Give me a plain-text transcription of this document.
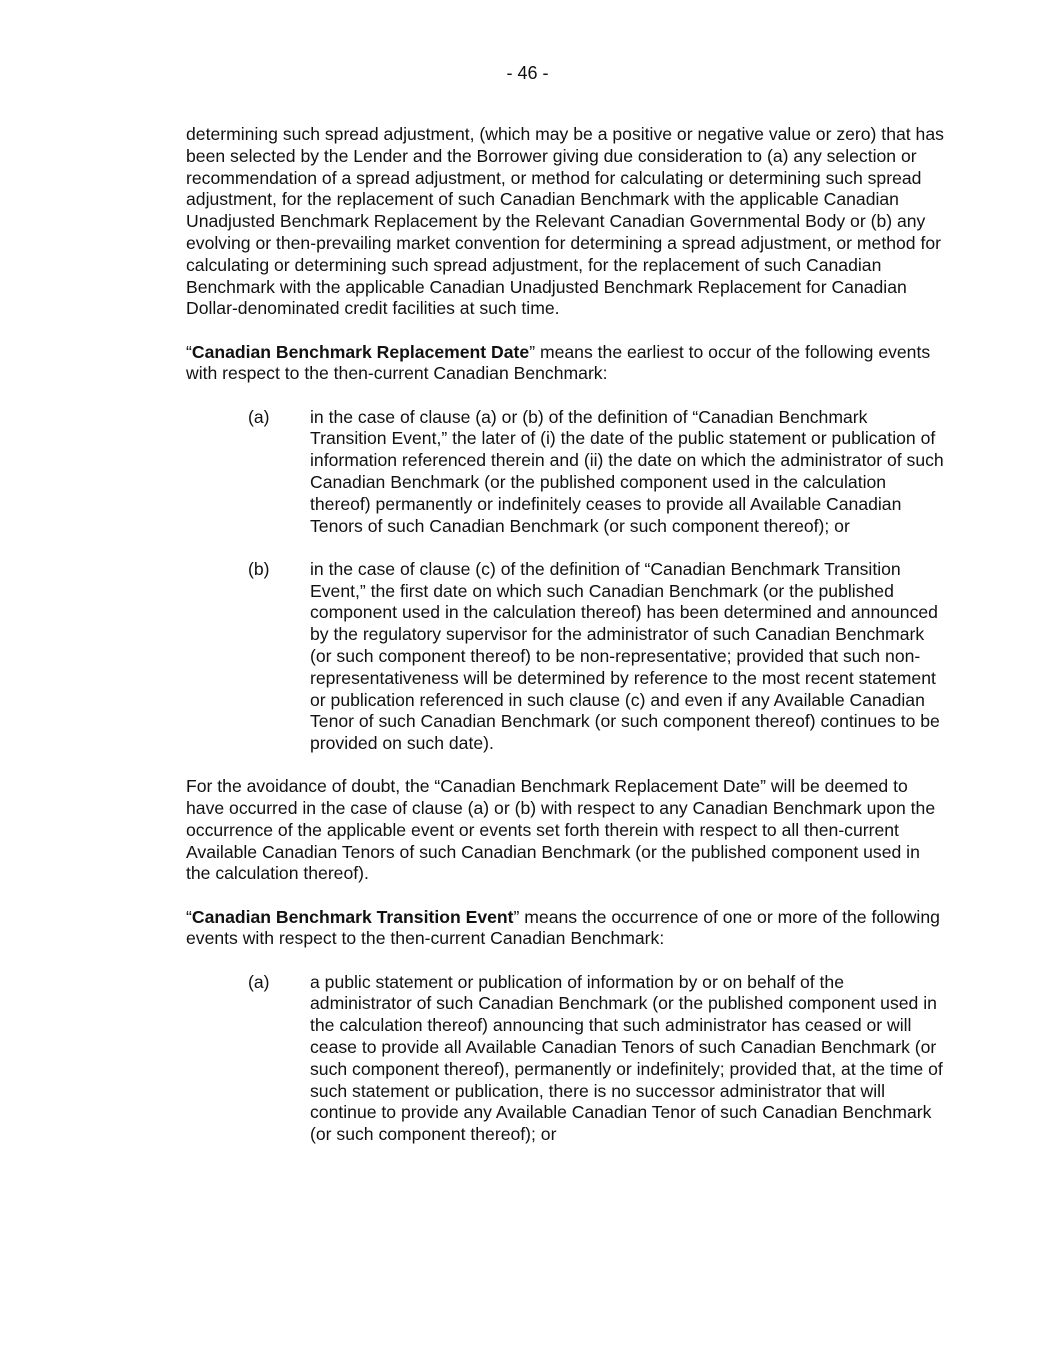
- 46 -

determining such spread adjustment, (which may be a positive or negative value or zero) that has been selected by the Lender and the Borrower giving due consideration to (a) any selection or recommendation of a spread adjustment, or method for calculating or determining such spread adjustment, for the replacement of such Canadian Benchmark with the applicable Canadian Unadjusted Benchmark Replacement by the Relevant Canadian Governmental Body or (b) any evolving or then-prevailing market convention for determining a spread adjustment, or method for calculating or determining such spread adjustment, for the replacement of such Canadian Benchmark with the applicable Canadian Unadjusted Benchmark Replacement for Canadian Dollar-denominated credit facilities at such time.

“Canadian Benchmark Replacement Date” means the earliest to occur of the following events with respect to the then-current Canadian Benchmark:

(a) in the case of clause (a) or (b) of the definition of “Canadian Benchmark Transition Event,” the later of (i) the date of the public statement or publication of information referenced therein and (ii) the date on which the administrator of such Canadian Benchmark (or the published component used in the calculation thereof) permanently or indefinitely ceases to provide all Available Canadian Tenors of such Canadian Benchmark (or such component thereof); or
(b) in the case of clause (c) of the definition of “Canadian Benchmark Transition Event,” the first date on which such Canadian Benchmark (or the published component used in the calculation thereof) has been determined and announced by the regulatory supervisor for the administrator of such Canadian Benchmark (or such component thereof) to be non-representative; provided that such non-representativeness will be determined by reference to the most recent statement or publication referenced in such clause (c) and even if any Available Canadian Tenor of such Canadian Benchmark (or such component thereof) continues to be provided on such date).

For the avoidance of doubt, the “Canadian Benchmark Replacement Date” will be deemed to have occurred in the case of clause (a) or (b) with respect to any Canadian Benchmark upon the occurrence of the applicable event or events set forth therein with respect to all then-current Available Canadian Tenors of such Canadian Benchmark (or the published component used in the calculation thereof).

“Canadian Benchmark Transition Event” means the occurrence of one or more of the following events with respect to the then-current Canadian Benchmark:

(a) a public statement or publication of information by or on behalf of the administrator of such Canadian Benchmark (or the published component used in the calculation thereof) announcing that such administrator has ceased or will cease to provide all Available Canadian Tenors of such Canadian Benchmark (or such component thereof), permanently or indefinitely; provided that, at the time of such statement or publication, there is no successor administrator that will continue to provide any Available Canadian Tenor of such Canadian Benchmark (or such component thereof); or
